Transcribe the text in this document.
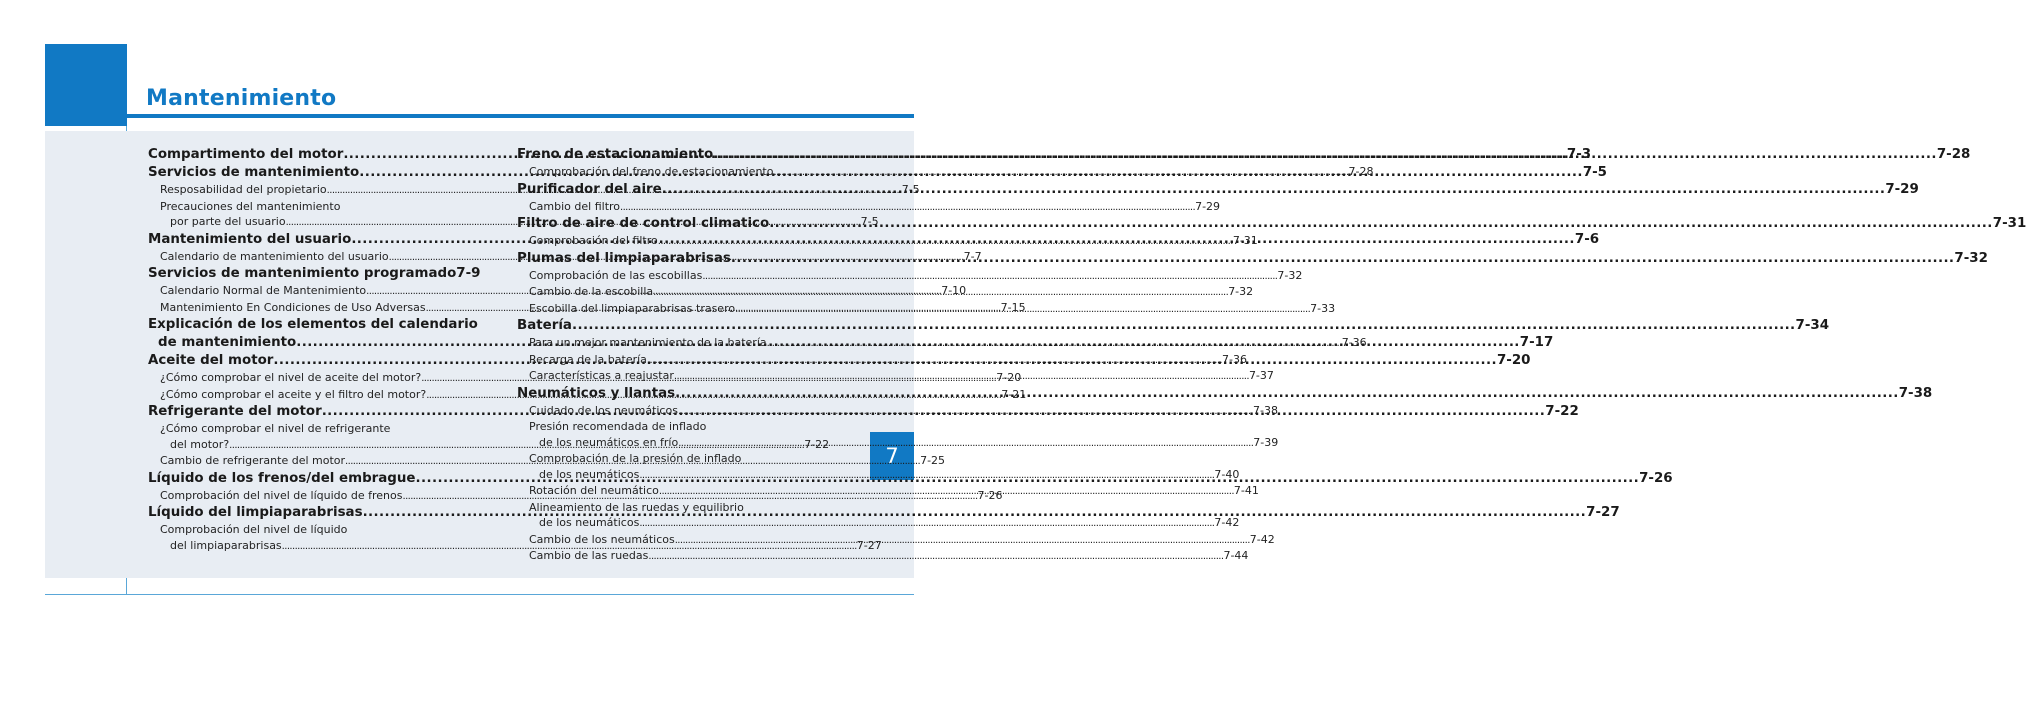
Mantenimiento
7
Compartimento del motor .....	7-3
Servicios de mantenimiento .....	7-5
Resposabilidad del propietario .....	7-5
Precauciones del mantenimiento
por parte del usuario .....	7-5
Mantenimiento del usuario .....	7-6
Calendario de mantenimiento del usuario .....	7-7
Servicios de mantenimiento programado 7-9
Calendario Normal de Mantenimiento .....	7-10
Mantenimiento En Condiciones de Uso Adversas .....	7-15
Explicación de los elementos del calendario
de mantenimiento .....	7-17
Aceite del motor .....	7-20
¿Cómo comprobar el nivel de aceite del motor? .....	7-20
¿Cómo comprobar el aceite y el filtro del motor? .....	7-21
Refrigerante del motor .....	7-22
¿Cómo comprobar el nivel de refrigerante
del motor? .....	7-22
Cambio de refrigerante del motor .....	7-25
Líquido de los frenos/del embrague .....	7-26
Comprobación del nivel de líquido de frenos .....	7-26
Líquido del limpiaparabrisas .....	7-27
Comprobación del nivel de líquido
del limpiaparabrisas .....	7-27
Freno de estacionamiento .....	7-28
Comprobación del freno de estacionamiento .....	7-28
Purificador del aire .....	7-29
Cambio del filtro .....	7-29
Filtro de aire de control climatico .....	7-31
Comprobación del filtro .....	7-31
Plumas del limpiaparabrisas .....	7-32
Comprobación de las escobillas .....	7-32
Cambio de la escobilla .....	7-32
Escobilla del limpiaparabrisas trasero .....	7-33
Batería .....	7-34
Para un mejor mantenimiento de la batería .....	7-36
Recarga de la batería .....	7-36
Características a reajustar .....	7-37
Neumáticos y llantas .....	7-38
Cuidado de los neumáticos .....	7-38
Presión recomendada de inflado
de los neumáticos en frío .....	7-39
Comprobación de la presión de inflado
de los neumáticos .....	7-40
Rotación del neumático .....	7-41
Alineamiento de las ruedas y equilibrio
de los neumáticos .....	7-42
Cambio de los neumáticos .....	7-42
Cambio de las ruedas .....	7-44
